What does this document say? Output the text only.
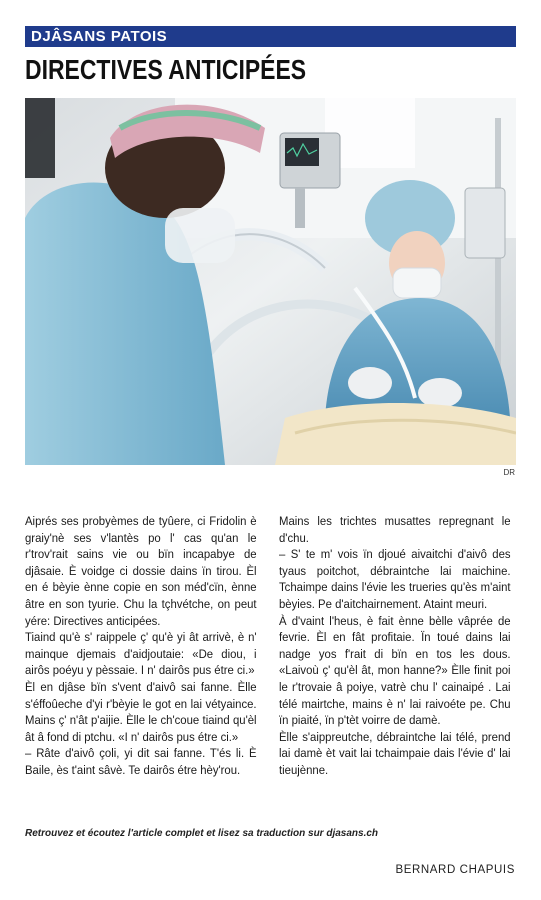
DJÂSANS PATOIS
DIRECTIVES ANTICIPÉES
DR

Aiprés ses probyèmes de tyûere, ci Fridolin è graiy'nè ses v'lantès po l' cas qu'an le r'trov'rait sains vie ou bïn incapabye de djâsaie. È voidge ci dossie dains ïn tirou. Èl en é bèyie ènne copie en son méd'cïn, ènne âtre en son tyurie. Chu la tçhvétche, on peut yére: Directives anticipées.

Tiaind qu'è s' raippele ç' qu'è yi ât arrivè, è n' mainque djemais d'aidjoutaie: «De diou, i airôs poéyu y pèssaie. I n' dairôs pus étre ci.»

Èl en djâse bïn s'vent d'aivô sai fanne. Èlle s'éffoûeche d'yi r'bèyie le got en lai vétyaince. Mains ç' n'ât p'aijie. Èlle le ch'coue tiaind qu'èl ât â fond di ptchu. «I n' dairôs pus étre ci.»

– Râte d'aivô çoli, yi dit sai fanne. T'és li. È Baile, ès t'aint sâvè. Te dairôs étre hèy'rou.

Mains les trichtes musattes repregnant le d'chu.

– S' te m' vois ïn djoué aivaitchi d'aivô des tyaus poitchot, débraintche lai maichine. Tchaimpe dains l'évie les trueries qu'ès m'aint bèyies. Pe d'aitchairnement. Ataint meuri.

À d'vaint l'heus, è fait ènne bèlle vâprée de fevrie. Èl en fât profitaie. Ïn toué dains lai nadge yos f'rait di bïn en tos les dous. «Laivoù ç' qu'èl ât, mon hanne?» Èlle finit poi le r'trovaie â poiye, vatrè chu l' cainaipé . Lai télé mairtche, mains è n' lai raivoéte pe. Chu ïn piaité, ïn p'tèt voirre de damè.

Èlle s'aippreutche, débraintche lai télé, prend lai damè èt vait lai tchaimpaie dais l'évie d' lai tieujènne.

Retrouvez et écoutez l'article complet et lisez sa traduction sur djasans.ch
BERNARD CHAPUIS
